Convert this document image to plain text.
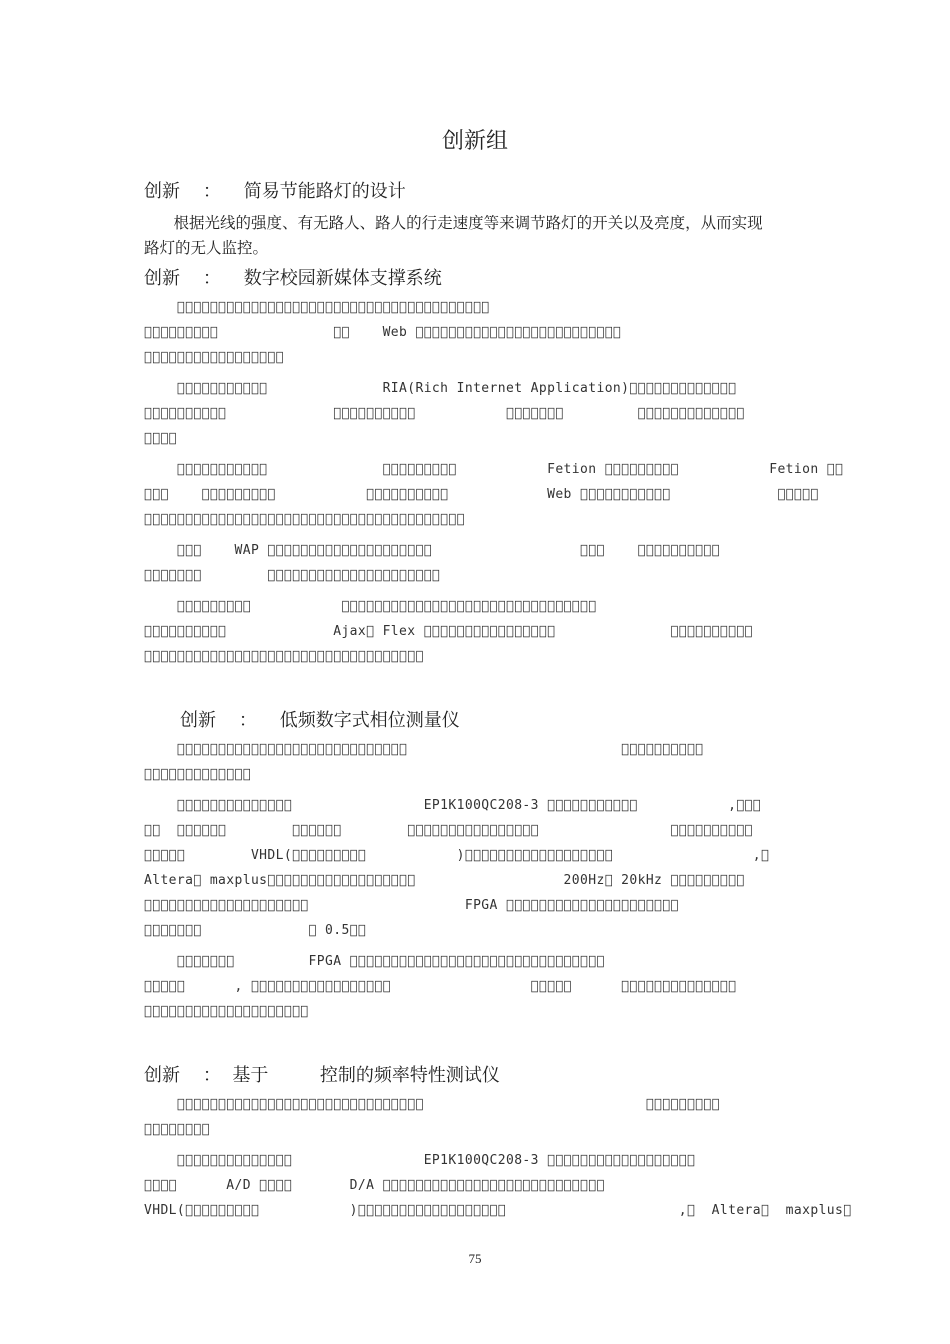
创新组
创新    ：    简易节能路灯的设计
根据光线的强度、有无路人、路人的行走速度等来调节路灯的开关以及亮度，从而实现
路灯的无人监控。
创新    ：    数字校园新媒体支撑系统
􀀀􀀀􀀀􀀀􀀀􀀀􀀀􀀀􀀀􀀀􀀀􀀀􀀀􀀀􀀀􀀀􀀀􀀀􀀀􀀀􀀀􀀀􀀀􀀀􀀀􀀀􀀀􀀀􀀀􀀀􀀀􀀀􀀀􀀀􀀀􀀀􀀀􀀀
􀀀􀀀􀀀􀀀􀀀􀀀􀀀􀀀􀀀              􀀀􀀀    Web 􀀀􀀀􀀀􀀀􀀀􀀀􀀀􀀀􀀀􀀀􀀀􀀀􀀀􀀀􀀀􀀀􀀀􀀀􀀀􀀀􀀀􀀀􀀀􀀀􀀀
􀀀􀀀􀀀􀀀􀀀􀀀􀀀􀀀􀀀􀀀􀀀􀀀􀀀􀀀􀀀􀀀􀀀
􀀀􀀀􀀀􀀀􀀀􀀀􀀀􀀀􀀀􀀀􀀀              RIA(Rich Internet Application)􀀀􀀀􀀀􀀀􀀀􀀀􀀀􀀀􀀀􀀀􀀀􀀀􀀀
􀀀􀀀􀀀􀀀􀀀􀀀􀀀􀀀􀀀􀀀             􀀀􀀀􀀀􀀀􀀀􀀀􀀀􀀀􀀀􀀀           􀀀􀀀􀀀􀀀􀀀􀀀􀀀         􀀀􀀀􀀀􀀀􀀀􀀀􀀀􀀀􀀀􀀀􀀀􀀀􀀀
􀀀􀀀􀀀􀀀
􀀀􀀀􀀀􀀀􀀀􀀀􀀀􀀀􀀀􀀀􀀀              􀀀􀀀􀀀􀀀􀀀􀀀􀀀􀀀􀀀           Fetion 􀀀􀀀􀀀􀀀􀀀􀀀􀀀􀀀􀀀           Fetion 􀀀􀀀
􀀀􀀀􀀀    􀀀􀀀􀀀􀀀􀀀􀀀􀀀􀀀􀀀           􀀀􀀀􀀀􀀀􀀀􀀀􀀀􀀀􀀀􀀀            Web 􀀀􀀀􀀀􀀀􀀀􀀀􀀀􀀀􀀀􀀀􀀀             􀀀􀀀􀀀􀀀􀀀
􀀀􀀀􀀀􀀀􀀀􀀀􀀀􀀀􀀀􀀀􀀀􀀀􀀀􀀀􀀀􀀀􀀀􀀀􀀀􀀀􀀀􀀀􀀀􀀀􀀀􀀀􀀀􀀀􀀀􀀀􀀀􀀀􀀀􀀀􀀀􀀀􀀀􀀀􀀀
􀀀􀀀􀀀    WAP 􀀀􀀀􀀀􀀀􀀀􀀀􀀀􀀀􀀀􀀀􀀀􀀀􀀀􀀀􀀀􀀀􀀀􀀀􀀀􀀀                  􀀀􀀀􀀀    􀀀􀀀􀀀􀀀􀀀􀀀􀀀􀀀􀀀􀀀
􀀀􀀀􀀀􀀀􀀀􀀀􀀀        􀀀􀀀􀀀􀀀􀀀􀀀􀀀􀀀􀀀􀀀􀀀􀀀􀀀􀀀􀀀􀀀􀀀􀀀􀀀􀀀􀀀
􀀀􀀀􀀀􀀀􀀀􀀀􀀀􀀀􀀀           􀀀􀀀􀀀􀀀􀀀􀀀􀀀􀀀􀀀􀀀􀀀􀀀􀀀􀀀􀀀􀀀􀀀􀀀􀀀􀀀􀀀􀀀􀀀􀀀􀀀􀀀􀀀􀀀􀀀􀀀􀀀
􀀀􀀀􀀀􀀀􀀀􀀀􀀀􀀀􀀀􀀀             Ajax􀀀 Flex 􀀀􀀀􀀀􀀀􀀀􀀀􀀀􀀀􀀀􀀀􀀀􀀀􀀀􀀀􀀀􀀀              􀀀􀀀􀀀􀀀􀀀􀀀􀀀􀀀􀀀􀀀
􀀀􀀀􀀀􀀀􀀀􀀀􀀀􀀀􀀀􀀀􀀀􀀀􀀀􀀀􀀀􀀀􀀀􀀀􀀀􀀀􀀀􀀀􀀀􀀀􀀀􀀀􀀀􀀀􀀀􀀀􀀀􀀀􀀀􀀀
创新    ：    低频数字式相位测量仪
􀀀􀀀􀀀􀀀􀀀􀀀􀀀􀀀􀀀􀀀􀀀􀀀􀀀􀀀􀀀􀀀􀀀􀀀􀀀􀀀􀀀􀀀􀀀􀀀􀀀􀀀􀀀􀀀                          􀀀􀀀􀀀􀀀􀀀􀀀􀀀􀀀􀀀􀀀
􀀀􀀀􀀀􀀀􀀀􀀀􀀀􀀀􀀀􀀀􀀀􀀀􀀀
􀀀􀀀􀀀􀀀􀀀􀀀􀀀􀀀􀀀􀀀􀀀􀀀􀀀􀀀                EP1K100QC208-3 􀀀􀀀􀀀􀀀􀀀􀀀􀀀􀀀􀀀􀀀􀀀           ,􀀀􀀀􀀀
􀀀􀀀  􀀀􀀀􀀀􀀀􀀀􀀀        􀀀􀀀􀀀􀀀􀀀􀀀        􀀀􀀀􀀀􀀀􀀀􀀀􀀀􀀀􀀀􀀀􀀀􀀀􀀀􀀀􀀀􀀀                􀀀􀀀􀀀􀀀􀀀􀀀􀀀􀀀􀀀􀀀
􀀀􀀀􀀀􀀀􀀀        VHDL(􀀀􀀀􀀀􀀀􀀀􀀀􀀀􀀀􀀀           )􀀀􀀀􀀀􀀀􀀀􀀀􀀀􀀀􀀀􀀀􀀀􀀀􀀀􀀀􀀀􀀀􀀀􀀀                 ,􀀀
Altera􀀀 maxplus􀀀􀀀􀀀􀀀􀀀􀀀􀀀􀀀􀀀􀀀􀀀􀀀􀀀􀀀􀀀􀀀􀀀􀀀                  200Hz􀀀 20kHz 􀀀􀀀􀀀􀀀􀀀􀀀􀀀􀀀􀀀
􀀀􀀀􀀀􀀀􀀀􀀀􀀀􀀀􀀀􀀀􀀀􀀀􀀀􀀀􀀀􀀀􀀀􀀀􀀀􀀀                   FPGA 􀀀􀀀􀀀􀀀􀀀􀀀􀀀􀀀􀀀􀀀􀀀􀀀􀀀􀀀􀀀􀀀􀀀􀀀􀀀􀀀􀀀
􀀀􀀀􀀀􀀀􀀀􀀀􀀀             􀀀 0.5􀀀􀀀
􀀀􀀀􀀀􀀀􀀀􀀀􀀀         FPGA 􀀀􀀀􀀀􀀀􀀀􀀀􀀀􀀀􀀀􀀀􀀀􀀀􀀀􀀀􀀀􀀀􀀀􀀀􀀀􀀀􀀀􀀀􀀀􀀀􀀀􀀀􀀀􀀀􀀀􀀀􀀀
􀀀􀀀􀀀􀀀􀀀      , 􀀀􀀀􀀀􀀀􀀀􀀀􀀀􀀀􀀀􀀀􀀀􀀀􀀀􀀀􀀀􀀀􀀀                 􀀀􀀀􀀀􀀀􀀀      􀀀􀀀􀀀􀀀􀀀􀀀􀀀􀀀􀀀􀀀􀀀􀀀􀀀􀀀
􀀀􀀀􀀀􀀀􀀀􀀀􀀀􀀀􀀀􀀀􀀀􀀀􀀀􀀀􀀀􀀀􀀀􀀀􀀀􀀀
创新    ：  基于         控制的频率特性测试仪
􀀀􀀀􀀀􀀀􀀀􀀀􀀀􀀀􀀀􀀀􀀀􀀀􀀀􀀀􀀀􀀀􀀀􀀀􀀀􀀀􀀀􀀀􀀀􀀀􀀀􀀀􀀀􀀀􀀀􀀀                           􀀀􀀀􀀀􀀀􀀀􀀀􀀀􀀀􀀀
􀀀􀀀􀀀􀀀􀀀􀀀􀀀􀀀
􀀀􀀀􀀀􀀀􀀀􀀀􀀀􀀀􀀀􀀀􀀀􀀀􀀀􀀀                EP1K100QC208-3 􀀀􀀀􀀀􀀀􀀀􀀀􀀀􀀀􀀀􀀀􀀀􀀀􀀀􀀀􀀀􀀀􀀀􀀀
􀀀􀀀􀀀􀀀      A/D 􀀀􀀀􀀀􀀀       D/A 􀀀􀀀􀀀􀀀􀀀􀀀􀀀􀀀􀀀􀀀􀀀􀀀􀀀􀀀􀀀􀀀􀀀􀀀􀀀􀀀􀀀􀀀􀀀􀀀􀀀􀀀􀀀
VHDL(􀀀􀀀􀀀􀀀􀀀􀀀􀀀􀀀􀀀           )􀀀􀀀􀀀􀀀􀀀􀀀􀀀􀀀􀀀􀀀􀀀􀀀􀀀􀀀􀀀􀀀􀀀􀀀                     ,􀀀  Altera􀀀  maxplus􀀀
75
